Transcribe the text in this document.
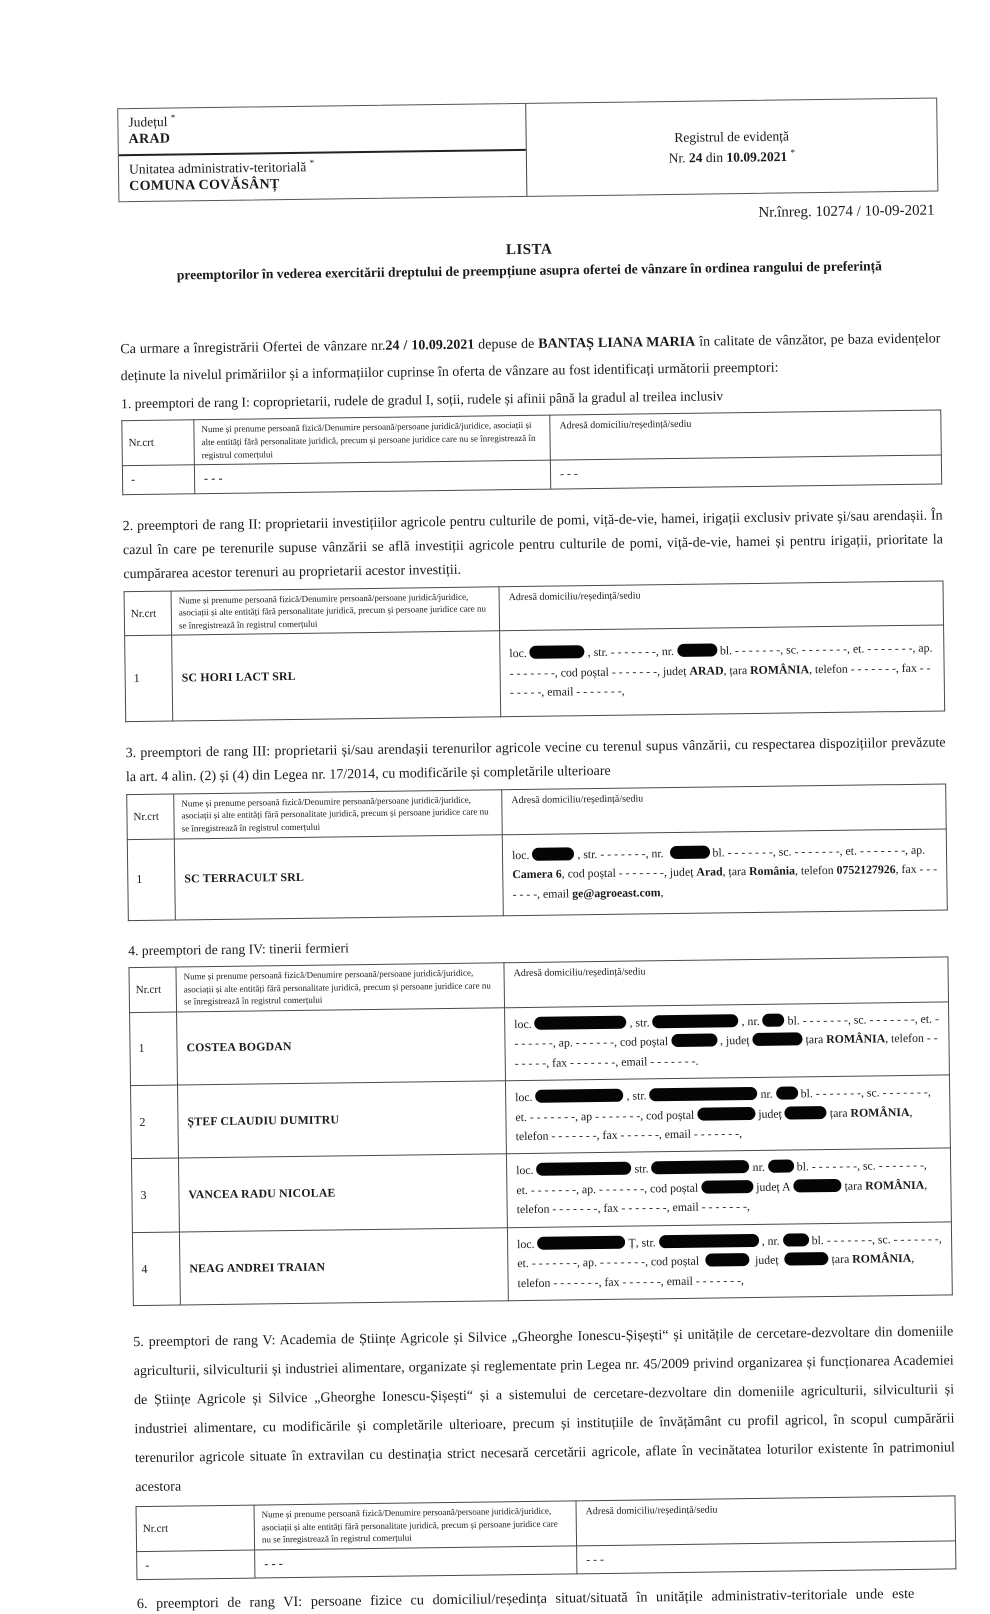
Județul *
ARAD
Unitatea administrativ-teritorială *
COMUNA COVĂSÂNȚ
Registrul de evidență
Nr. 24 din 10.09.2021 *
Nr.înreg. 10274 / 10-09-2021
LISTA
preemptorilor în vederea exercitării dreptului de preempțiune asupra ofertei de vânzare în ordinea rangului de preferință
Ca urmare a înregistrării Ofertei de vânzare nr.24 / 10.09.2021 depuse de BANTAȘ LIANA MARIA în calitate de vânzător, pe baza evidențelor deținute la nivelul primăriilor și a informațiilor cuprinse în oferta de vânzare au fost identificați următorii preemptori:
1. preemptori de rang I: coproprietarii, rudele de gradul I, soții, rudele și afinii până la gradul al treilea inclusiv
Nr.crt	Nume și prenume persoană fizică/Denumire persoană/persoane juridică/juridice, asociații și alte entități fără personalitate juridică, precum și persoane juridice care nu se înregistrează în registrul comerțului	Adresă domiciliu/reședință/sediu
-	- - -	- - -
2. preemptori de rang II: proprietarii investițiilor agricole pentru culturile de pomi, viță-de-vie, hamei, irigații exclusiv private și/sau arendașii. În cazul în care pe terenurile supuse vânzării se află investiții agricole pentru culturile de pomi, viță-de-vie, hamei și pentru irigații, prioritate la cumpărarea acestor terenuri au proprietarii acestor investiții.
Nr.crt	Nume și prenume persoană fizică/Denumire persoană/persoane juridică/juridice, asociații și alte entități fără personalitate juridică, precum și persoane juridice care nu se înregistrează în registrul comerțului	Adresă domiciliu/reședință/sediu
1	SC HORI LACT SRL	loc. , str. - - - - - - -, nr. bl. - - - - - - -, sc. - - - - - - -, et. - - - - - - -, ap. - - - - - - -, cod poștal - - - - - - -, județ ARAD, țara ROMÂNIA, telefon - - - - - - -, fax - - - - - - -, email - - - - - - -,
3. preemptori de rang III: proprietarii și/sau arendașii terenurilor agricole vecine cu terenul supus vânzării, cu respectarea dispozițiilor prevăzute la art. 4 alin. (2) și (4) din Legea nr. 17/2014, cu modificările și completările ulterioare
Nr.crt	Nume și prenume persoană fizică/Denumire persoană/persoane juridică/juridice, asociații și alte entități fără personalitate juridică, precum și persoane juridice care nu se înregistrează în registrul comerțului	Adresă domiciliu/reședință/sediu
1	SC TERRACULT SRL	loc. , str. - - - - - - -, nr. bl. - - - - - - -, sc. - - - - - - -, et. - - - - - - -, ap. Camera 6, cod poștal - - - - - - -, județ Arad, țara România, telefon 0752127926, fax - - - - - - -, email ge@agroeast.com,
4. preemptori de rang IV: tinerii fermieri
Nr.crt	Nume și prenume persoană fizică/Denumire persoană/persoane juridică/juridice, asociații și alte entități fără personalitate juridică, precum și persoane juridice care nu se înregistrează în registrul comerțului	Adresă domiciliu/reședință/sediu
1	COSTEA BOGDAN	loc. , str. , nr. bl. - - - - - - -, sc. - - - - - - -, et. - - - - - - -, ap. - - - - - -, cod poștal , județ țara ROMÂNIA, telefon - - - - - - -, fax - - - - - - -, email - - - - - - -.
2	ȘTEF CLAUDIU DUMITRU	loc. , str. nr. bl. - - - - - - -, sc. - - - - - - -, et. - - - - - - -, ap - - - - - - -, cod poștal județ țara ROMÂNIA, telefon - - - - - - -, fax - - - - - -, email - - - - - - -,
3	VANCEA RADU NICOLAE	loc. str. nr. bl. - - - - - - -, sc. - - - - - - -, et. - - - - - - -, ap. - - - - - - -, cod poștal județ A țara ROMÂNIA, telefon - - - - - - -, fax - - - - - - -, email - - - - - - -,
4	NEAG ANDREI TRAIAN	loc. Ț, str. , nr. bl. - - - - - - -, sc. - - - - - - -, et. - - - - - - -, ap. - - - - - - -, cod poștal județ țara ROMÂNIA, telefon - - - - - - -, fax - - - - - -, email - - - - - - -,
5. preemptori de rang V: Academia de Științe Agricole și Silvice „Gheorghe Ionescu-Șișești“ și unitățile de cercetare-dezvoltare din domeniile agriculturii, silviculturii și industriei alimentare, organizate și reglementate prin Legea nr. 45/2009 privind organizarea și funcționarea Academiei de Științe Agricole și Silvice „Gheorghe Ionescu-Șișești“ și a sistemului de cercetare-dezvoltare din domeniile agriculturii, silviculturii și industriei alimentare, cu modificările și completările ulterioare, precum și instituțiile de învățământ cu profil agricol, în scopul cumpărării terenurilor agricole situate în extravilan cu destinația strict necesară cercetării agricole, aflate în vecinătatea loturilor existente în patrimoniul acestora
Nr.crt	Nume și prenume persoană fizică/Denumire persoană/persoane juridică/juridice, asociații și alte entități fără personalitate juridică, precum și persoane juridice care nu se înregistrează în registrul comerțului	Adresă domiciliu/reședință/sediu
-	- - -	- - -
6. preemptori de rang VI: persoane fizice cu domiciliul/reședința situat/situată în unitățile administrativ-teritoriale unde este
